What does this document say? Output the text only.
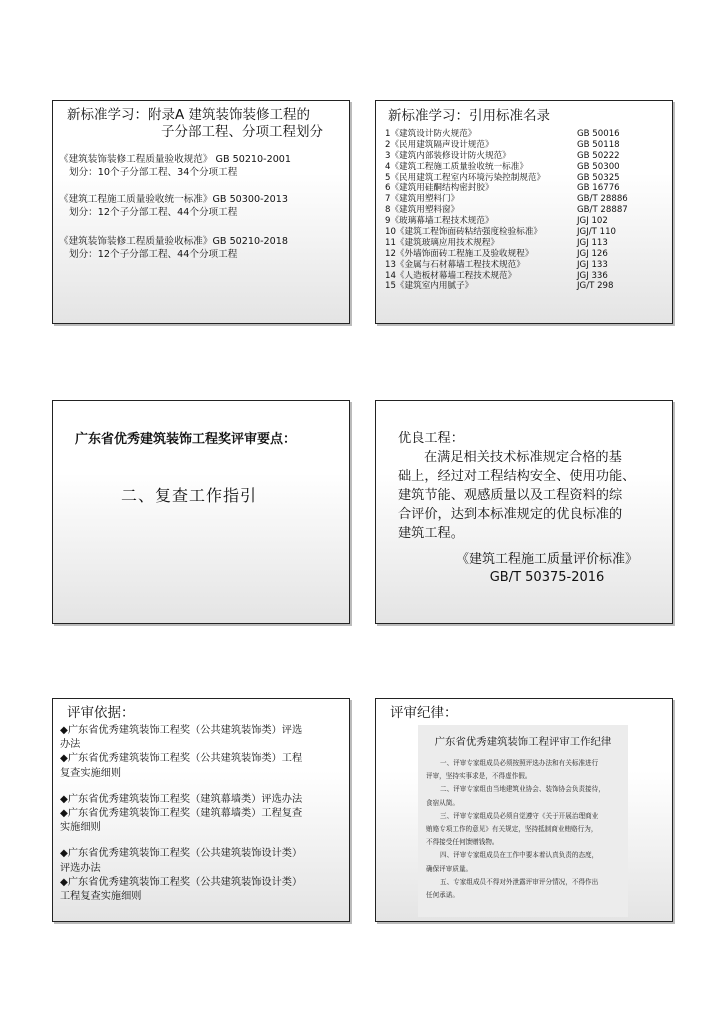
新标准学习：附录A 建筑装饰装修工程的
子分部工程、分项工程划分
《建筑装饰装修工程质量验收规范》 GB 50210-2001
划分：10个子分部工程、34个分项工程
《建筑工程施工质量验收统一标准》GB 50300-2013
划分：12个子分部工程、44个分项工程
《建筑装饰装修工程质量验收标准》GB 50210-2018
划分：12个子分部工程、44个分项工程
新标准学习：引用标准名录
1《建筑设计防火规范》	GB 50016
2《民用建筑隔声设计规范》	GB 50118
3《建筑内部装修设计防火规范》	GB 50222
4《建筑工程施工质量验收统一标准》	GB 50300
5《民用建筑工程室内环境污染控制规范》	GB 50325
6《建筑用硅酮结构密封胶》	GB 16776
7《建筑用塑料门》	GB/T 28886
8《建筑用塑料窗》	GB/T 28887
9《玻璃幕墙工程技术规范》	JGJ 102
10《建筑工程饰面砖粘结强度检验标准》	JGJ/T 110
11《建筑玻璃应用技术规程》	JGJ 113
12《外墙饰面砖工程施工及验收规程》	JGJ 126
13《金属与石材幕墙工程技术规范》	JGJ 133
14《人造板材幕墙工程技术规范》	JGJ 336
15《建筑室内用腻子》	JG/T 298
广东省优秀建筑装饰工程奖评审要点：
二、复查工作指引
优良工程：
在满足相关技术标准规定合格的基
础上，经过对工程结构安全、使用功能、
建筑节能、观感质量以及工程资料的综
合评价，达到本标准规定的优良标准的
建筑工程。
《建筑工程施工质量评价标准》
GB/T 50375-2016
评审依据：
◆广东省优秀建筑装饰工程奖（公共建筑装饰类）评选
办法
◆广东省优秀建筑装饰工程奖（公共建筑装饰类）工程
复查实施细则
◆广东省优秀建筑装饰工程奖（建筑幕墙类）评选办法
◆广东省优秀建筑装饰工程奖（建筑幕墙类）工程复查
实施细则
◆广东省优秀建筑装饰工程奖（公共建筑装饰设计类）
评选办法
◆广东省优秀建筑装饰工程奖（公共建筑装饰设计类）
工程复查实施细则
评审纪律：
广东省优秀建筑装饰工程评审工作纪律
一、评审专家组成员必须按照评选办法和有关标准进行
评审，坚持实事求是，不得虚作假。
二、评审专家组由当地建筑业协会、装饰协会负责接待，
食宿从简。
三、评审专家组成员必须自觉遵守《关于开展治理商业
贿赂专项工作的意见》有关规定，坚持抵制商业贿赂行为，
不得接受任何馈赠钱物。
四、评审专家组成员在工作中要本着认真负责的态度，
确保评审质量。
五、专家组成员不得对外泄露评审评分情况，不得作出
任何承诺。
